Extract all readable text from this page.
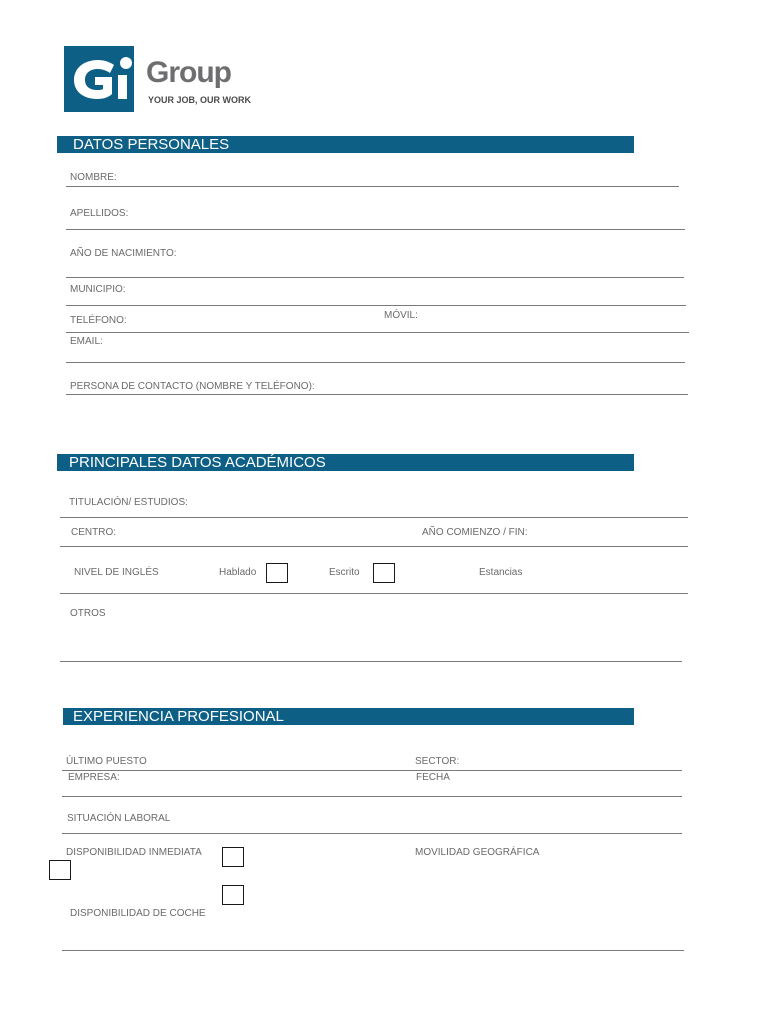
Group
YOUR JOB, OUR WORK
DATOS PERSONALES
NOMBRE:
APELLIDOS:
AÑO DE NACIMIENTO:
MUNICIPIO:
TELÉFONO:	MÓVIL:
EMAIL:
PERSONA DE CONTACTO (NOMBRE Y TELÉFONO):
PRINCIPALES DATOS ACADÉMICOS
TITULACIÓN/ ESTUDIOS:
CENTRO:	AÑO COMIENZO / FIN:
NIVEL DE INGLÉS	Hablado	Escrito	Estancias
OTROS
EXPERIENCIA PROFESIONAL
ÚLTIMO PUESTO	SECTOR:
EMPRESA:	FECHA
SITUACIÓN LABORAL
DISPONIBILIDAD INMEDIATA	MOVILIDAD GEOGRÁFICA
DISPONIBILIDAD DE COCHE
